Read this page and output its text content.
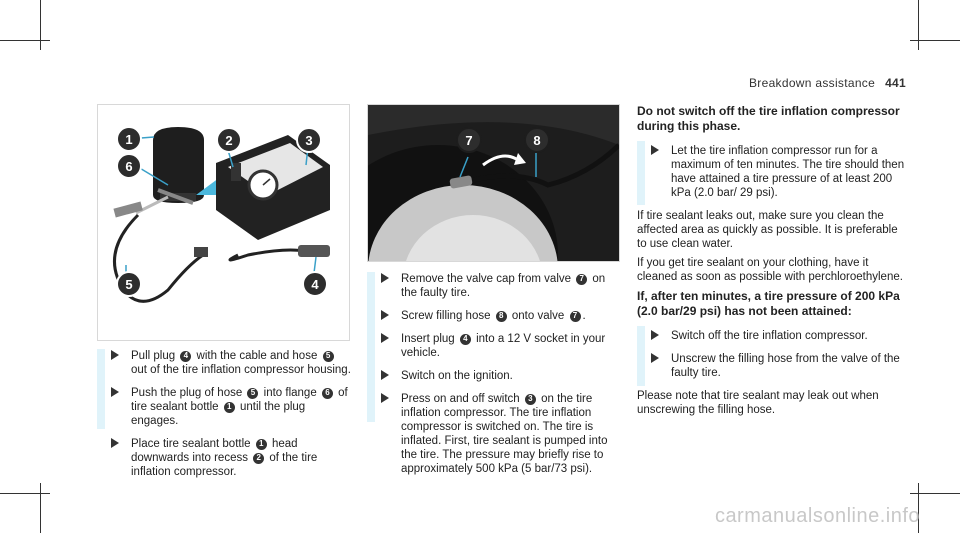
Breakdown assistance 441
1	2	3
6
5	4
7	8
Pull plug 4 with the cable and hose 5 out of the tire inflation compressor housing.
Push the plug of hose 5 into flange 6 of tire sealant bottle 1 until the plug engages.
Place tire sealant bottle 1 head downwards into recess 2 of the tire inflation compressor.
Remove the valve cap from valve 7 on the faulty tire.
Screw filling hose 8 onto valve 7 .
Insert plug 4 into a 12 V socket in your vehicle.
Switch on the ignition.
Press on and off switch 3 on the tire inflation compressor. The tire inflation compressor is switched on. The tire is inflated. First, tire sealant is pumped into the tire. The pressure may briefly rise to approximately 500 kPa (5 bar/73 psi).
Do not switch off the tire inflation compressor during this phase.
Let the tire inflation compressor run for a maximum of ten minutes. The tire should then have attained a tire pressure of at least 200 kPa (2.0 bar/ 29 psi).
If tire sealant leaks out, make sure you clean the affected area as quickly as possible. It is preferable to use clean water.
If you get tire sealant on your clothing, have it cleaned as soon as possible with perchloroethylene.
If, after ten minutes, a tire pressure of 200 kPa (2.0 bar/29 psi) has not been attained:
Switch off the tire inflation compressor.
Unscrew the filling hose from the valve of the faulty tire.
Please note that tire sealant may leak out when unscrewing the filling hose.
carmanualsonline.info
